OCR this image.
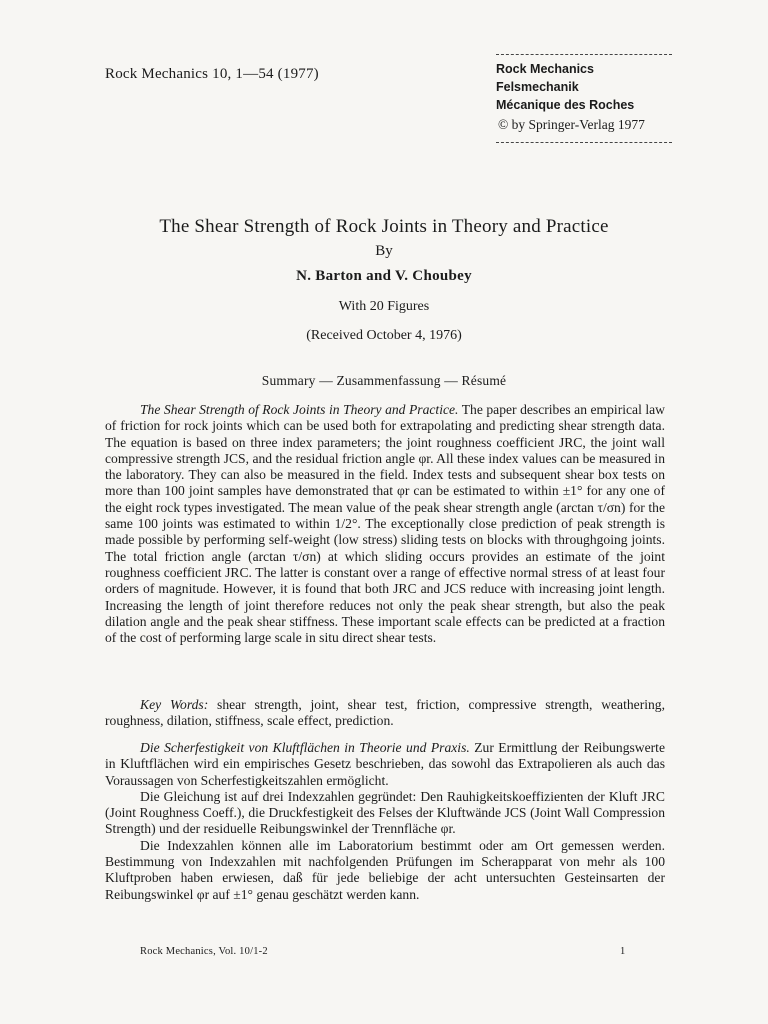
Rock Mechanics 10, 1—54 (1977)	Rock Mechanics
Felsmechanik
Mécanique des Roches
© by Springer-Verlag 1977
The Shear Strength of Rock Joints in Theory and Practice
By
N. Barton and V. Choubey
With 20 Figures
(Received October 4, 1976)
Summary — Zusammenfassung — Résumé

The Shear Strength of Rock Joints in Theory and Practice. The paper describes an empirical law of friction for rock joints which can be used both for extrapolating and predicting shear strength data. The equation is based on three index parameters; the joint roughness coefficient JRC, the joint wall compressive strength JCS, and the residual friction angle φr. All these index values can be measured in the laboratory. They can also be measured in the field. Index tests and subsequent shear box tests on more than 100 joint samples have demonstrated that φr can be estimated to within ±1° for any one of the eight rock types investigated. The mean value of the peak shear strength angle (arctan τ/σn) for the same 100 joints was estimated to within 1/2°. The exceptionally close prediction of peak strength is made possible by performing self-weight (low stress) sliding tests on blocks with throughgoing joints. The total friction angle (arctan τ/σn) at which sliding occurs provides an estimate of the joint roughness coefficient JRC. The latter is constant over a range of effective normal stress of at least four orders of magnitude. However, it is found that both JRC and JCS reduce with increasing joint length. Increasing the length of joint therefore reduces not only the peak shear strength, but also the peak dilation angle and the peak shear stiffness. These important scale effects can be predicted at a fraction of the cost of performing large scale in situ direct shear tests.

Key Words: shear strength, joint, shear test, friction, compressive strength, weathering, roughness, dilation, stiffness, scale effect, prediction.

Die Scherfestigkeit von Kluftflächen in Theorie und Praxis. Zur Ermittlung der Reibungswerte in Kluftflächen wird ein empirisches Gesetz beschrieben, das sowohl das Extrapolieren als auch das Voraussagen von Scherfestigkeitszahlen ermöglicht.

Die Gleichung ist auf drei Indexzahlen gegründet: Den Rauhigkeitskoeffizienten der Kluft JRC (Joint Roughness Coeff.), die Druckfestigkeit des Felses der Kluftwände JCS (Joint Wall Compression Strength) und der residuelle Reibungswinkel der Trennfläche φr.

Die Indexzahlen können alle im Laboratorium bestimmt oder am Ort gemessen werden. Bestimmung von Indexzahlen mit nachfolgenden Prüfungen im Scherapparat von mehr als 100 Kluftproben haben erwiesen, daß für jede beliebige der acht untersuchten Gesteinsarten der Reibungswinkel φr auf ±1° genau geschätzt werden kann.

Rock Mechanics, Vol. 10/1-2	1
